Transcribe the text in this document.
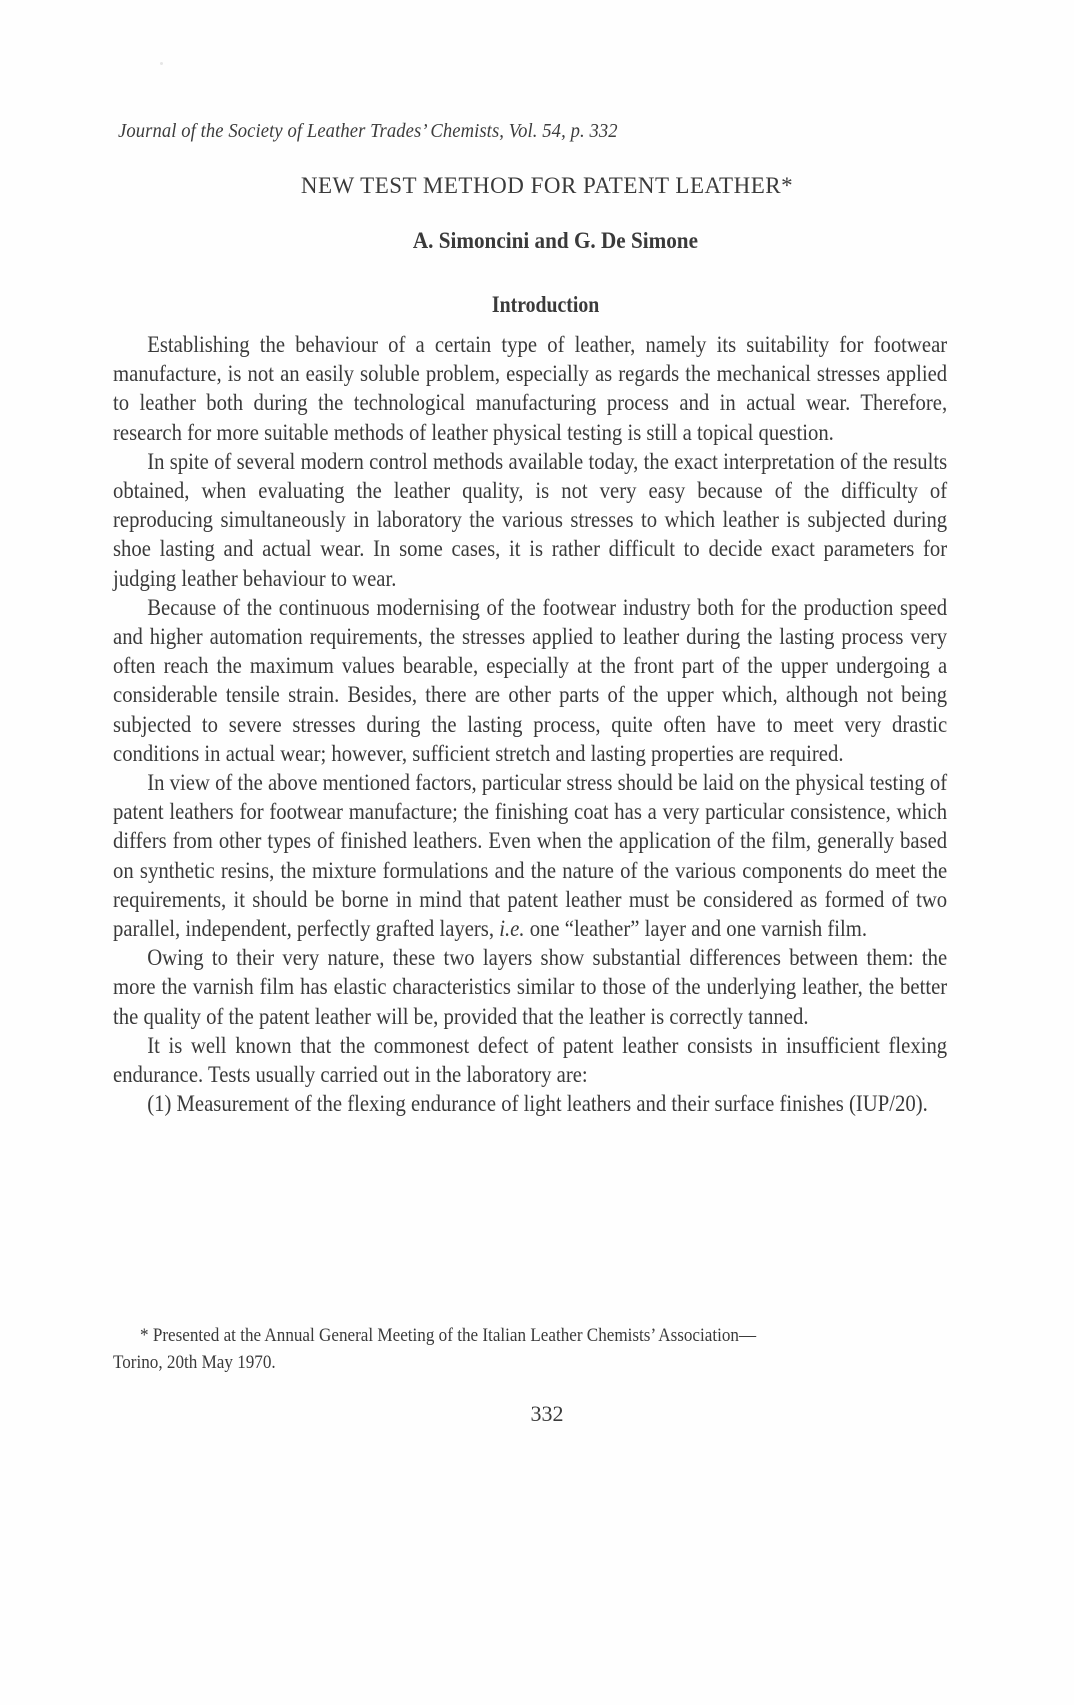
Journal of the Society of Leather Trades’ Chemists, Vol. 54, p. 332
NEW TEST METHOD FOR PATENT LEATHER*
A. Simoncini and G. De Simone
Introduction

Establishing the behaviour of a certain type of leather, namely its suitability for footwear manufacture, is not an easily soluble problem, especially as regards the mechanical stresses applied to leather both during the technological manufacturing process and in actual wear. Therefore, research for more suitable methods of leather physical testing is still a topical question.

In spite of several modern control methods available today, the exact interpretation of the results obtained, when evaluating the leather quality, is not very easy because of the difficulty of reproducing simultaneously in laboratory the various stresses to which leather is subjected during shoe lasting and actual wear. In some cases, it is rather difficult to decide exact parameters for judging leather behaviour to wear.

Because of the continuous modernising of the footwear industry both for the production speed and higher automation requirements, the stresses applied to leather during the lasting process very often reach the maximum values bearable, especially at the front part of the upper undergoing a considerable tensile strain. Besides, there are other parts of the upper which, although not being subjected to severe stresses during the lasting process, quite often have to meet very drastic conditions in actual wear; however, sufficient stretch and lasting properties are required.

In view of the above mentioned factors, particular stress should be laid on the physical testing of patent leathers for footwear manufacture; the finishing coat has a very particular consistence, which differs from other types of finished leathers. Even when the application of the film, generally based on synthetic resins, the mixture formulations and the nature of the various components do meet the requirements, it should be borne in mind that patent leather must be considered as formed of two parallel, independent, perfectly grafted layers, i.e. one “leather” layer and one varnish film.

Owing to their very nature, these two layers show substantial differences between them: the more the varnish film has elastic characteristics similar to those of the underlying leather, the better the quality of the patent leather will be, provided that the leather is correctly tanned.

It is well known that the commonest defect of patent leather consists in insufficient flexing endurance. Tests usually carried out in the laboratory are:

(1) Measurement of the flexing endurance of light leathers and their surface finishes (IUP/20).

* Presented at the Annual General Meeting of the Italian Leather Chemists’ Association—
Torino, 20th May 1970.
332
